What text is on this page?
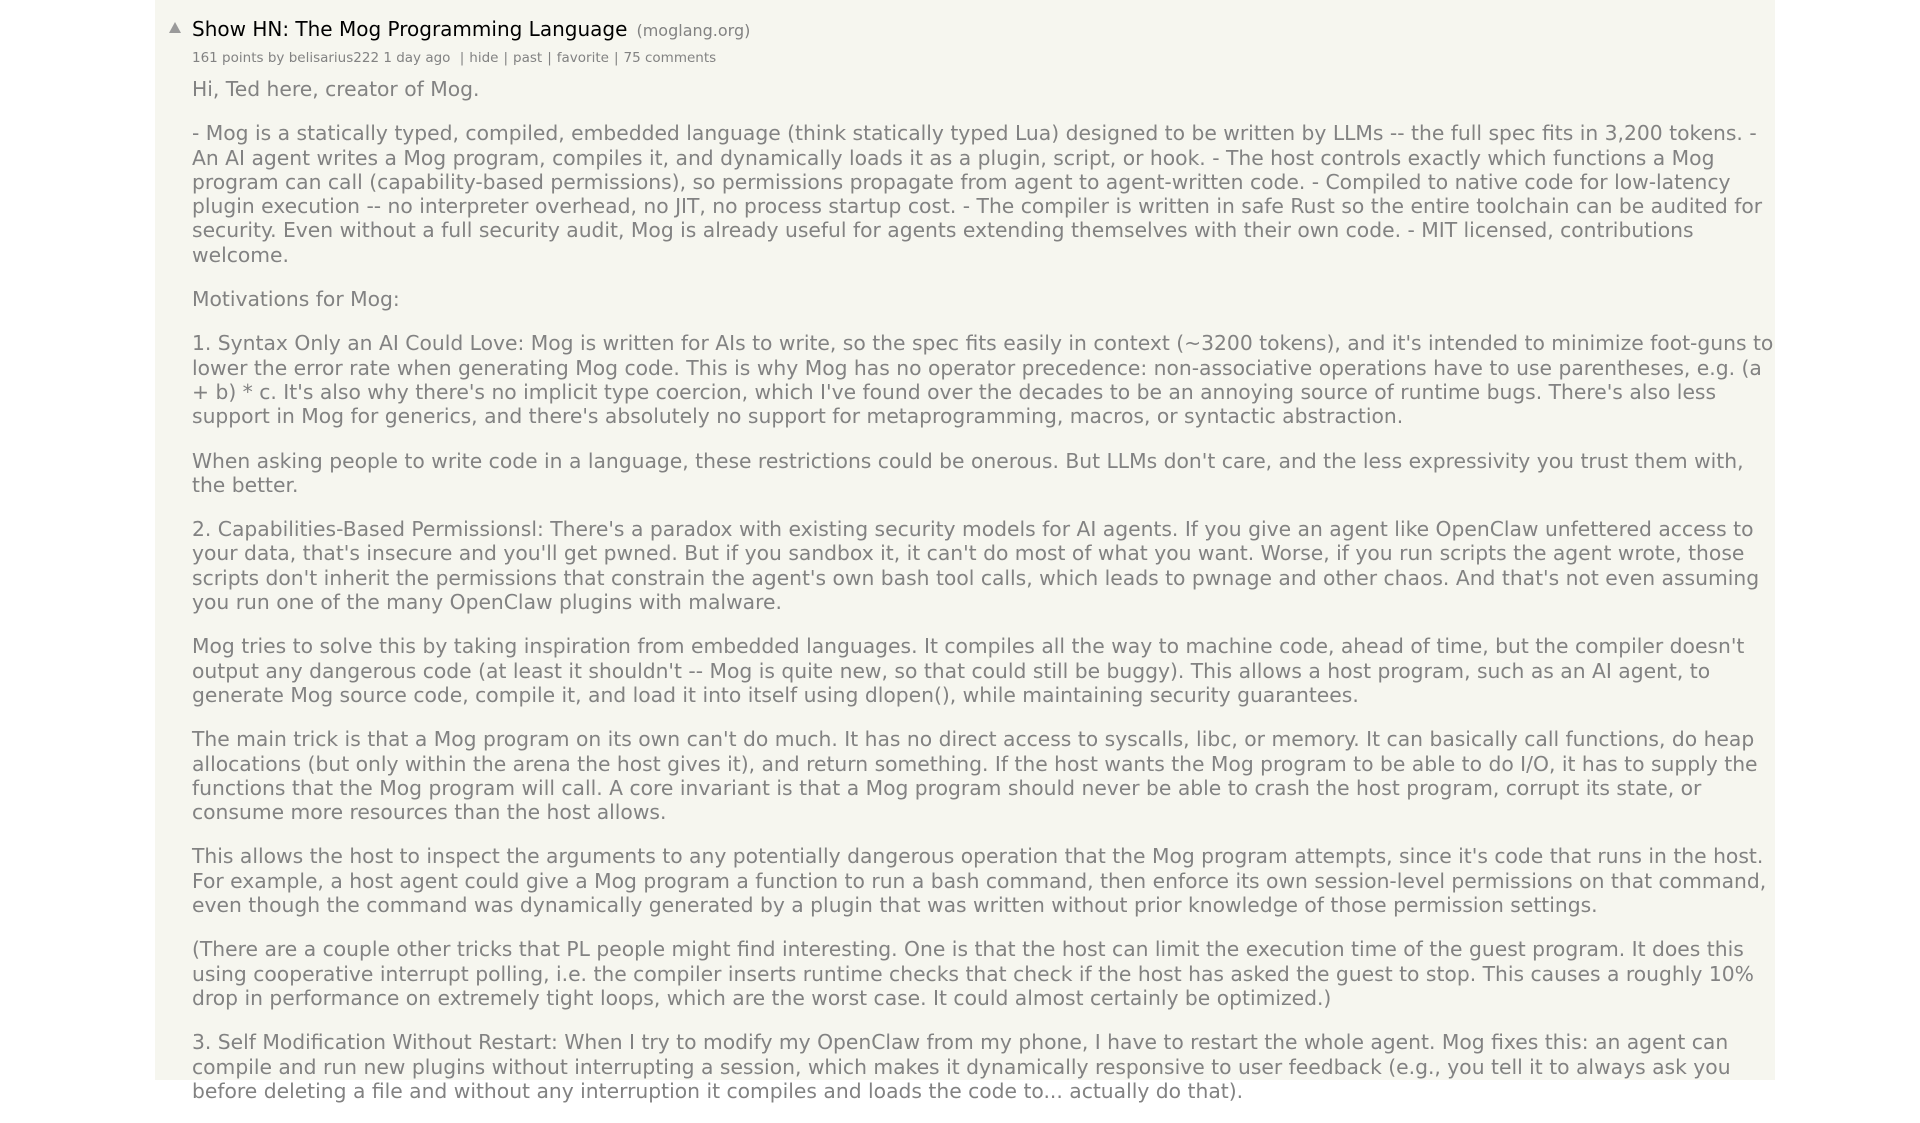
Show HN: The Mog Programming Language (moglang.org)
161 points by belisarius222 1 day ago | hide | past | favorite | 75 comments

Hi, Ted here, creator of Mog.

- Mog is a statically typed, compiled, embedded language (think statically typed Lua) designed to be written by LLMs -- the full spec fits in 3,200 tokens. - An AI agent writes a Mog program, compiles it, and dynamically loads it as a plugin, script, or hook. - The host controls exactly which functions a Mog program can call (capability-based permissions), so permissions propagate from agent to agent-written code. - Compiled to native code for low-latency plugin execution -- no interpreter overhead, no JIT, no process startup cost. - The compiler is written in safe Rust so the entire toolchain can be audited for security. Even without a full security audit, Mog is already useful for agents extending themselves with their own code. - MIT licensed, contributions welcome.

Motivations for Mog:

1. Syntax Only an AI Could Love: Mog is written for AIs to write, so the spec fits easily in context (~3200 tokens), and it's intended to minimize foot-guns to lower the error rate when generating Mog code. This is why Mog has no operator precedence: non-associative operations have to use parentheses, e.g. (a + b) * c. It's also why there's no implicit type coercion, which I've found over the decades to be an annoying source of runtime bugs. There's also less support in Mog for generics, and there's absolutely no support for metaprogramming, macros, or syntactic abstraction.

When asking people to write code in a language, these restrictions could be onerous. But LLMs don't care, and the less expressivity you trust them with, the better.

2. Capabilities-Based Permissionsl: There's a paradox with existing security models for AI agents. If you give an agent like OpenClaw unfettered access to your data, that's insecure and you'll get pwned. But if you sandbox it, it can't do most of what you want. Worse, if you run scripts the agent wrote, those scripts don't inherit the permissions that constrain the agent's own bash tool calls, which leads to pwnage and other chaos. And that's not even assuming you run one of the many OpenClaw plugins with malware.

Mog tries to solve this by taking inspiration from embedded languages. It compiles all the way to machine code, ahead of time, but the compiler doesn't output any dangerous code (at least it shouldn't -- Mog is quite new, so that could still be buggy). This allows a host program, such as an AI agent, to generate Mog source code, compile it, and load it into itself using dlopen(), while maintaining security guarantees.

The main trick is that a Mog program on its own can't do much. It has no direct access to syscalls, libc, or memory. It can basically call functions, do heap allocations (but only within the arena the host gives it), and return something. If the host wants the Mog program to be able to do I/O, it has to supply the functions that the Mog program will call. A core invariant is that a Mog program should never be able to crash the host program, corrupt its state, or consume more resources than the host allows.

This allows the host to inspect the arguments to any potentially dangerous operation that the Mog program attempts, since it's code that runs in the host. For example, a host agent could give a Mog program a function to run a bash command, then enforce its own session-level permissions on that command, even though the command was dynamically generated by a plugin that was written without prior knowledge of those permission settings.

(There are a couple other tricks that PL people might find interesting. One is that the host can limit the execution time of the guest program. It does this using cooperative interrupt polling, i.e. the compiler inserts runtime checks that check if the host has asked the guest to stop. This causes a roughly 10% drop in performance on extremely tight loops, which are the worst case. It could almost certainly be optimized.)

3. Self Modification Without Restart: When I try to modify my OpenClaw from my phone, I have to restart the whole agent. Mog fixes this: an agent can compile and run new plugins without interrupting a session, which makes it dynamically responsive to user feedback (e.g., you tell it to always ask you before deleting a file and without any interruption it compiles and loads the code to... actually do that).
